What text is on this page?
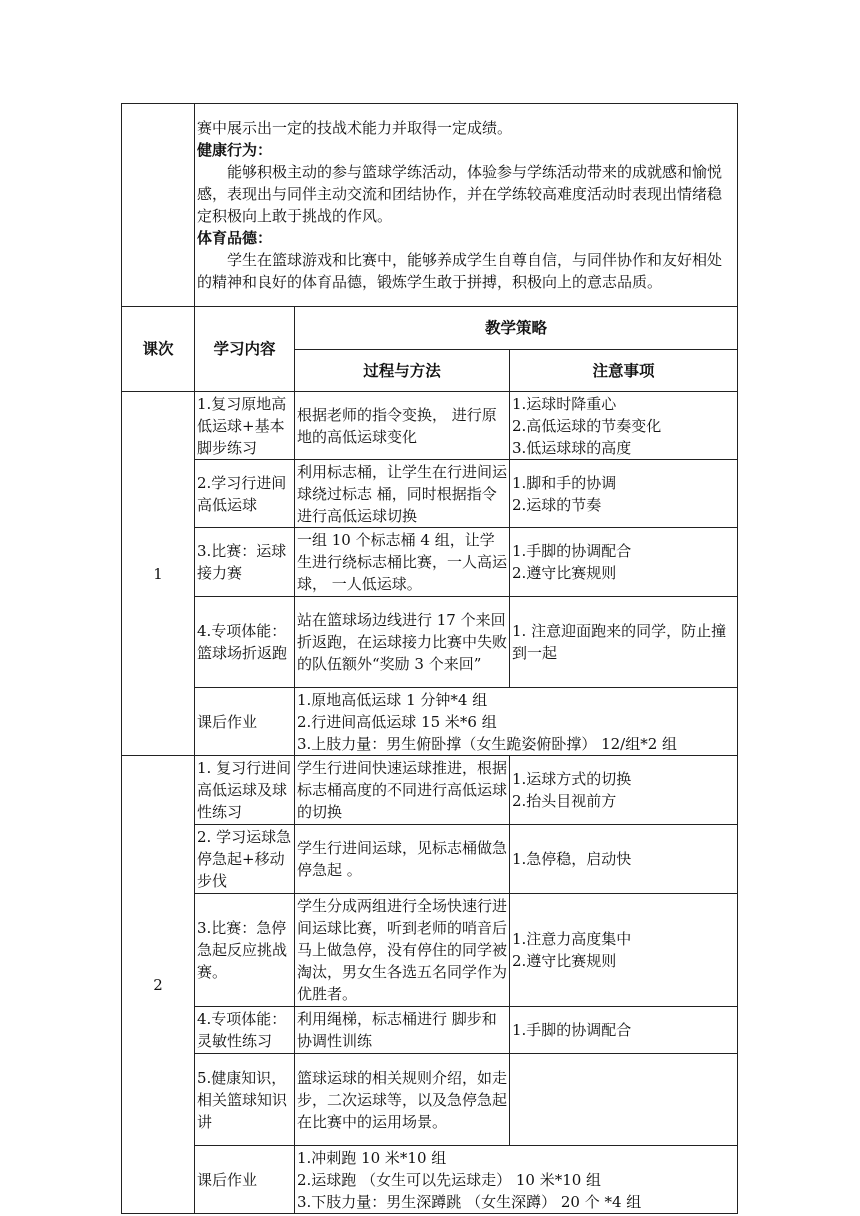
	赛中展示出一定的技战术能力并取得一定成绩。

健康行为：

能够积极主动的参与篮球学练活动，体验参与学练活动带来的成就感和愉悦感，表现出与同伴主动交流和团结协作，并在学练较高难度活动时表现出情绪稳定积极向上敢于挑战的作风。

体育品德：

学生在篮球游戏和比赛中，能够养成学生自尊自信，与同伴协作和友好相处的精神和良好的体育品德，锻炼学生敢于拼搏，积极向上的意志品质。		

课次	学习内容	教学策略	
		过程与方法	注意事项
1	1.复习原地高低运球+基本脚步练习	根据老师的指令变换， 进行原地的高低运球变化	1.运球时降重心
2.高低运球的节奏变化
3.低运球球的高度

	2.学习行进间高低运球	利用标志桶，让学生在行进间运球绕过标志 桶，同时根据指令进行高低运球切换	1.脚和手的协调
2.运球的节奏

	3.比赛：运球接力赛	一组 10 个标志桶 4 组，让学生进行绕标志桶比赛，一人高运球， 一人低运球。	1.手脚的协调配合
2.遵守比赛规则

	4.专项体能：篮球场折返跑	站在篮球场边线进行 17 个来回折返跑，在运球接力比赛中失败的队伍额外“奖励 3 个来回”	1. 注意迎面跑来的同学，防止撞到一起
	课后作业	1.原地高低运球 1 分钟*4 组
2.行进间高低运球 15 米*6 组
3.上肢力量：男生俯卧撑（女生跪姿俯卧撑） 12/组*2 组	

2	1. 复习行进间高低运球及球性练习	学生行进间快速运球推进，根据标志桶高度的不同进行高低运球的切换	1.运球方式的切换
2.抬头目视前方

	2. 学习运球急停急起+移动步伐	学生行进间运球，见标志桶做急停急起 。	1.急停稳，启动快
	3.比赛：急停急起反应挑战赛。	学生分成两组进行全场快速行进间运球比赛，听到老师的哨音后马上做急停，没有停住的同学被淘汰，男女生各选五名同学作为优胜者。	1.注意力高度集中
2.遵守比赛规则

	4.专项体能：灵敏性练习	利用绳梯，标志桶进行 脚步和协调性训练	1.手脚的协调配合
	5.健康知识，相关篮球知识讲	篮球运球的相关规则介绍，如走步，二次运球等，以及急停急起在比赛中的运用场景。	
	课后作业	1.冲刺跑 10 米*10 组
2.运球跑 （女生可以先运球走） 10 米*10 组
3.下肢力量：男生深蹲跳 （女生深蹲） 20 个 *4 组	
